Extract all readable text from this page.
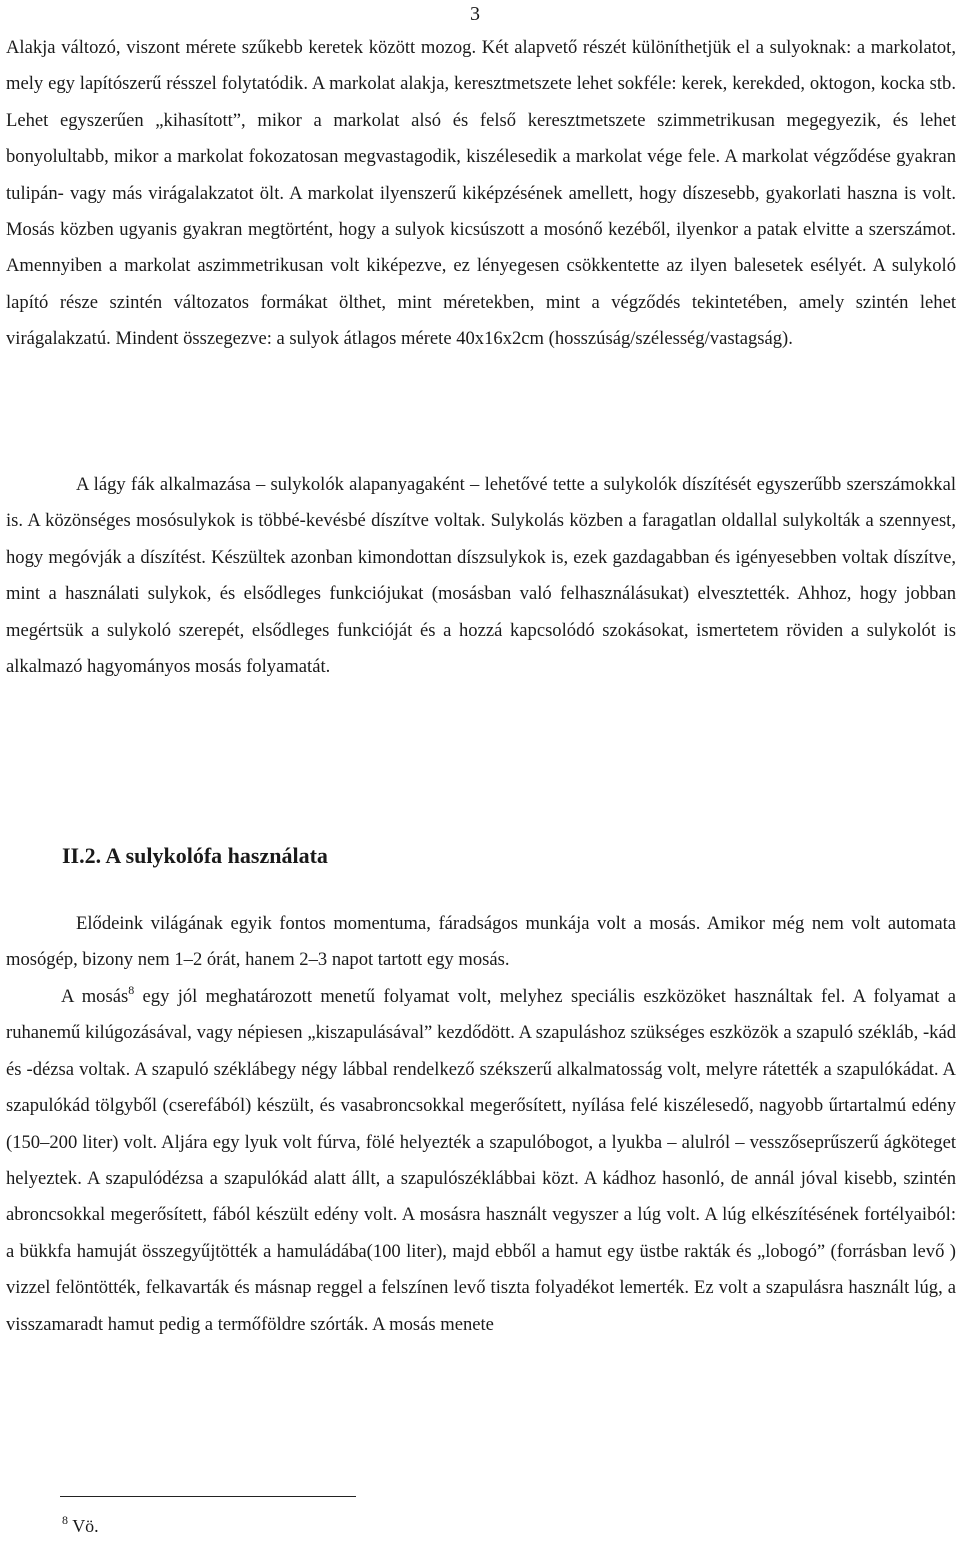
3

Alakja változó, viszont mérete szűkebb keretek között mozog. Két alapvető részét különíthetjük el a sulyoknak: a markolatot, mely egy lapítószerű résszel folytatódik. A markolat alakja, keresztmetszete lehet sokféle: kerek, kerekded, oktogon, kocka stb. Lehet egyszerűen „kihasított”, mikor a markolat alsó és felső keresztmetszete szimmetrikusan megegyezik, és lehet bonyolultabb, mikor a markolat fokozatosan megvastagodik, kiszélesedik a markolat vége fele. A markolat végződése gyakran tulipán- vagy más virágalakzatot ölt. A markolat ilyenszerű kiképzésének amellett, hogy díszesebb, gyakorlati haszna is volt. Mosás közben ugyanis gyakran megtörtént, hogy a sulyok kicsúszott a mosónő kezéből, ilyenkor a patak elvitte a szerszámot. Amennyiben a markolat aszimmetrikusan volt kiképezve, ez lényegesen csökkentette az ilyen balesetek esélyét. A sulykoló lapító része szintén változatos formákat ölthet, mint méretekben, mint a végződés tekintetében, amely szintén lehet virágalakzatú. Mindent összegezve: a sulyok átlagos mérete 40x16x2cm (hosszúság/szélesség/vastagság).

A lágy fák alkalmazása – sulykolók alapanyagaként – lehetővé tette a sulykolók díszítését egyszerűbb szerszámokkal is. A közönséges mosósulykok is többé-kevésbé díszítve voltak. Sulykolás közben a faragatlan oldallal sulykolták a szennyest, hogy megóvják a díszítést. Készültek azonban kimondottan díszsulykok is, ezek gazdagabban és igényesebben voltak díszítve, mint a használati sulykok, és elsődleges funkciójukat (mosásban való felhasználásukat) elvesztették. Ahhoz, hogy jobban megértsük a sulykoló szerepét, elsődleges funkcióját és a hozzá kapcsolódó szokásokat, ismertetem röviden a sulykolót is alkalmazó hagyományos mosás folyamatát.

II.2. A sulykolófa használata

Elődeink világának egyik fontos momentuma, fáradságos munkája volt a mosás. Amikor még nem volt automata mosógép, bizony nem 1–2 órát, hanem 2–3 napot tartott egy mosás.

A mosás$^8$ egy jól meghatározott menetű folyamat volt, melyhez speciális eszközöket használtak fel. A folyamat a ruhanemű kilúgozásával, vagy népiesen „kiszapulásával” kezdődött. A szapuláshoz szükséges eszközök a szapuló székláb, -kád és -dézsa voltak. A szapuló széklábegy négy lábbal rendelkező székszerű alkalmatosság volt, melyre rátették a szapulókádat. A szapulókád tölgyből (cserefából) készült, és vasabroncsokkal megerősített, nyílása felé kiszélesedő, nagyobb űrtartalmú edény (150–200 liter) volt. Aljára egy lyuk volt fúrva, fölé helyezték a szapulóbogot, a lyukba – alulról – vesszőseprűszerű ágköteget helyeztek. A szapulódézsa a szapulókád alatt állt, a szapulószéklábbai közt. A kádhoz hasonló, de annál jóval kisebb, szintén abroncsokkal megerősített, fából készült edény volt. A mosásra használt vegyszer a lúg volt. A lúg elkészítésének fortélyaiból: a bükkfa hamuját összegyűjtötték a hamuládába(100 liter), majd ebből a hamut egy üstbe rakták és „lobogó” (forrásban levő ) vizzel felöntötték, felkavarták és másnap reggel a felszínen levő tiszta folyadékot lemerték. Ez volt a szapulásra használt lúg, a visszamaradt hamut pedig a termőföldre szórták. A mosás menete

$^8$ Vö.
